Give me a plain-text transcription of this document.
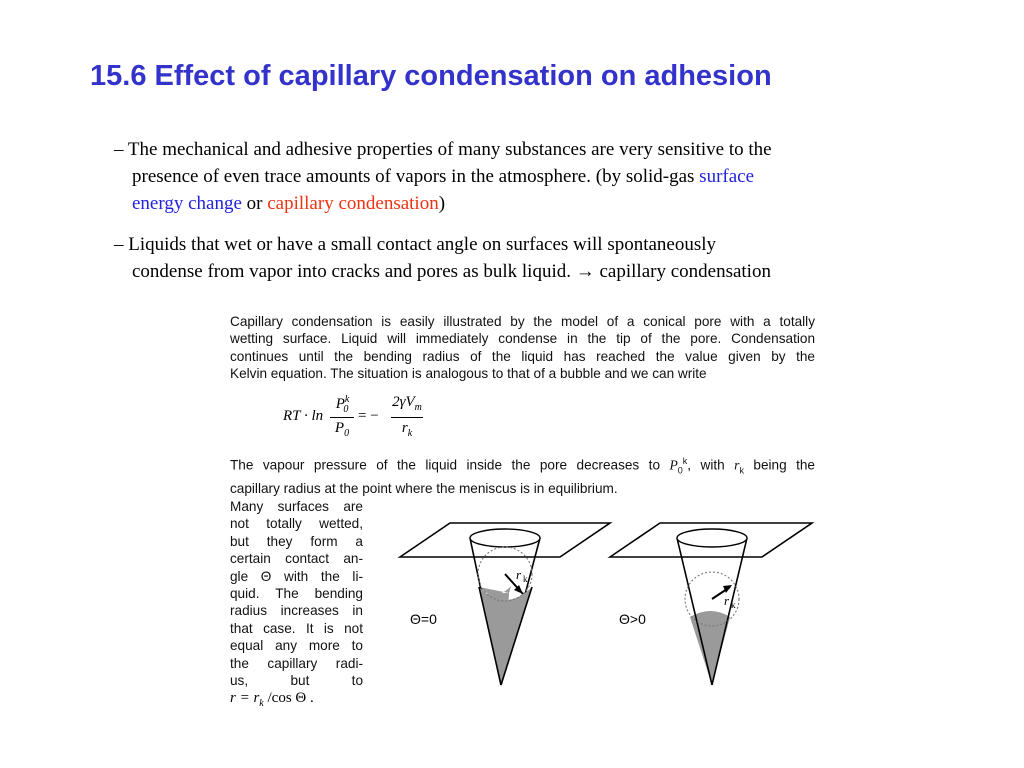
15.6 Effect of capillary condensation on adhesion
– The mechanical and adhesive properties of many substances are very sensitive to the
presence of even trace amounts of vapors in the atmosphere. (by solid-gas surface
energy change or capillary condensation)
– Liquids that wet or have a small contact angle on surfaces will spontaneously
condense from vapor into cracks and pores as bulk liquid. → capillary condensation
Capillary condensation is easily illustrated by the model of a conical pore with a totally
wetting surface. Liquid will immediately condense in the tip of the pore. Condensation
continues until the bending radius of the liquid has reached the value given by the
Kelvin equation. The situation is analogous to that of a bubble and we can write
RT · ln
$P^k_0$
$P_0$
= −
$2\gamma V_m$
$r_k$
The vapour pressure of the liquid inside the pore decreases to $P_0^k$, with $r_k$ being the
capillary radius at the point where the meniscus is in equilibrium.
Many surfaces are
not totally wetted,
but they form a
certain contact an-
gle Θ with the li-
quid. The bending
radius increases in
that case. It is not
equal any more to
the capillary radi-
us, but to
$r = r_k$ /cos Θ .
r k
Θ=0
r k
Θ>0
